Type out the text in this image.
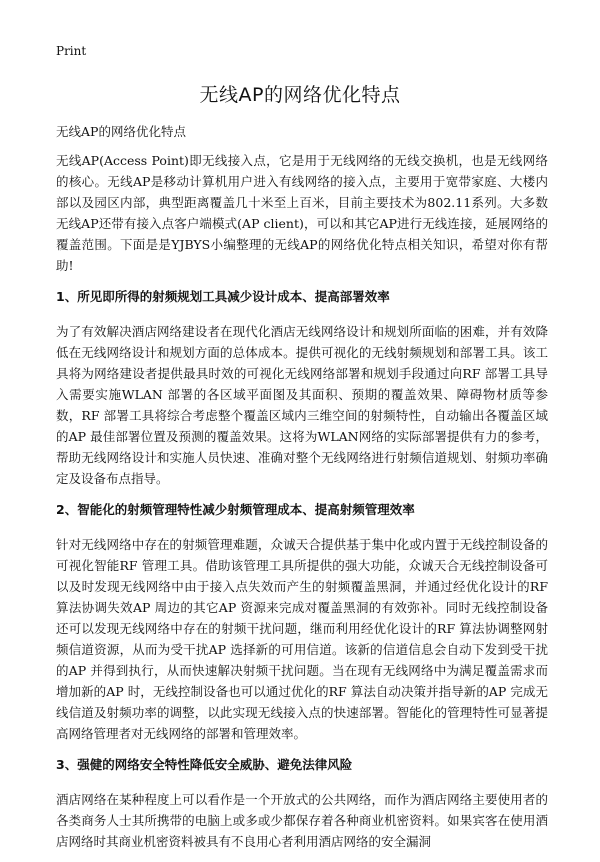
Print
无线AP的网络优化特点
无线AP的网络优化特点

无线AP(Access Point)即无线接入点，它是用于无线网络的无线交换机，也是无线网络的核心。无线AP是移动计算机用户进入有线网络的接入点，主要用于宽带家庭、大楼内部以及园区内部，典型距离覆盖几十米至上百米，目前主要技术为802.11系列。大多数无线AP还带有接入点客户端模式(AP client)，可以和其它AP进行无线连接，延展网络的覆盖范围。下面是是YJBYS小编整理的无线AP的网络优化特点相关知识，希望对你有帮助!

1、所见即所得的射频规划工具减少设计成本、提高部署效率

为了有效解决酒店网络建设者在现代化酒店无线网络设计和规划所面临的困难，并有效降低在无线网络设计和规划方面的总体成本。提供可视化的无线射频规划和部署工具。该工具将为网络建设者提供最具时效的可视化无线网络部署和规划手段通过向RF 部署工具导入需要实施WLAN 部署的各区域平面图及其面积、预期的覆盖效果、障碍物材质等参数，RF 部署工具将综合考虑整个覆盖区域内三维空间的射频特性，自动输出各覆盖区域的AP 最佳部署位置及预测的覆盖效果。这将为WLAN网络的实际部署提供有力的参考，帮助无线网络设计和实施人员快速、准确对整个无线网络进行射频信道规划、射频功率确定及设备布点指导。

2、智能化的射频管理特性减少射频管理成本、提高射频管理效率

针对无线网络中存在的射频管理难题，众诚天合提供基于集中化或内置于无线控制设备的可视化智能RF 管理工具。借助该管理工具所提供的强大功能，众诚天合无线控制设备可以及时发现无线网络中由于接入点失效而产生的射频覆盖黑洞，并通过经优化设计的RF 算法协调失效AP 周边的其它AP 资源来完成对覆盖黑洞的有效弥补。同时无线控制设备还可以发现无线网络中存在的射频干扰问题，继而利用经优化设计的RF 算法协调整网射频信道资源，从而为受干扰AP 选择新的可用信道。该新的信道信息会自动下发到受干扰的AP 并得到执行，从而快速解决射频干扰问题。当在现有无线网络中为满足覆盖需求而增加新的AP 时，无线控制设备也可以通过优化的RF 算法自动决策并指导新的AP 完成无线信道及射频功率的调整，以此实现无线接入点的快速部署。智能化的管理特性可显著提高网络管理者对无线网络的部署和管理效率。

3、强健的网络安全特性降低安全威胁、避免法律风险

酒店网络在某种程度上可以看作是一个开放式的公共网络，而作为酒店网络主要使用者的各类商务人士其所携带的电脑上或多或少都保存着各种商业机密资料。如果宾客在使用酒店网络时其商业机密资料被具有不良用心者利用酒店网络的安全漏洞
